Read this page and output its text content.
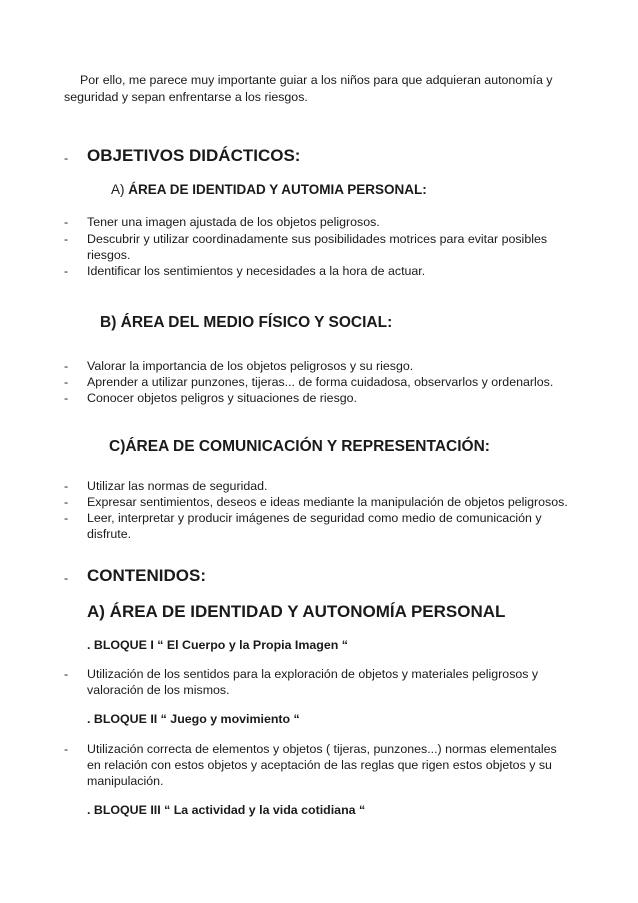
Por ello, me parece muy importante guiar a los niños para que adquieran autonomía y
seguridad y sepan enfrentarse a los riesgos.
- OBJETIVOS DIDÁCTICOS:
A) ÁREA DE IDENTIDAD Y AUTOMIA PERSONAL:
- Tener una imagen ajustada de los objetos peligrosos.
- Descubrir y utilizar coordinadamente sus posibilidades motrices para evitar posibles
riesgos.
- Identificar los sentimientos y necesidades a la hora de actuar.
B) ÁREA DEL MEDIO FÍSICO Y SOCIAL:
- Valorar la importancia de los objetos peligrosos y su riesgo.
- Aprender a utilizar punzones, tijeras... de forma cuidadosa, observarlos y ordenarlos.
- Conocer objetos peligros y situaciones de riesgo.
C)ÁREA DE COMUNICACIÓN Y REPRESENTACIÓN:
- Utilizar las normas de seguridad.
- Expresar sentimientos, deseos e ideas mediante la manipulación de objetos peligrosos.
- Leer, interpretar y producir imágenes de seguridad como medio de comunicación y
disfrute.
- CONTENIDOS:
A) ÁREA DE IDENTIDAD Y AUTONOMÍA PERSONAL
. BLOQUE I “ El Cuerpo y la Propia Imagen “
- Utilización de los sentidos para la exploración de objetos y materiales peligrosos y
valoración de los mismos.
. BLOQUE II “ Juego y movimiento “
- Utilización correcta de elementos y objetos ( tijeras, punzones...) normas elementales
en relación con estos objetos y aceptación de las reglas que rigen estos objetos y su
manipulación.
. BLOQUE III “ La actividad y la vida cotidiana “
